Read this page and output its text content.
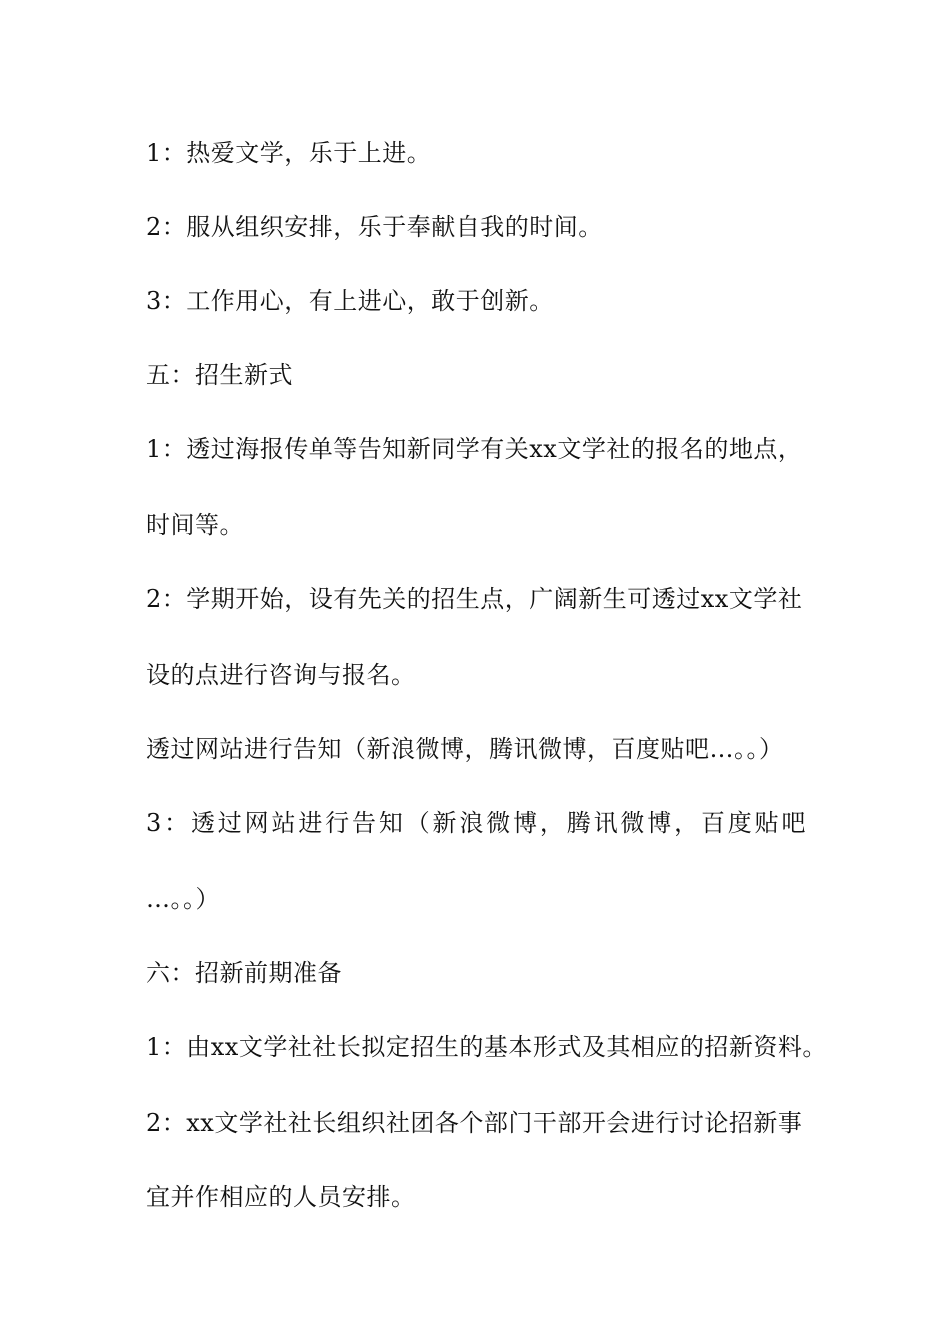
1：热爱文学，乐于上进。
2：服从组织安排，乐于奉献自我的时间。
3：工作用心，有上进心，敢于创新。
五：招生新式
1：透过海报传单等告知新同学有关xx文学社的报名的地点，
时间等。
2：学期开始，设有先关的招生点，广阔新生可透过xx文学社
设的点进行咨询与报名。
透过网站进行告知（新浪微博，腾讯微博，百度贴吧…。。）
3：透过网站进行告知（新浪微博，腾讯微博，百度贴吧
…。。）
六：招新前期准备
1：由xx文学社社长拟定招生的基本形式及其相应的招新资料。
2：xx文学社社长组织社团各个部门干部开会进行讨论招新事
宜并作相应的人员安排。
